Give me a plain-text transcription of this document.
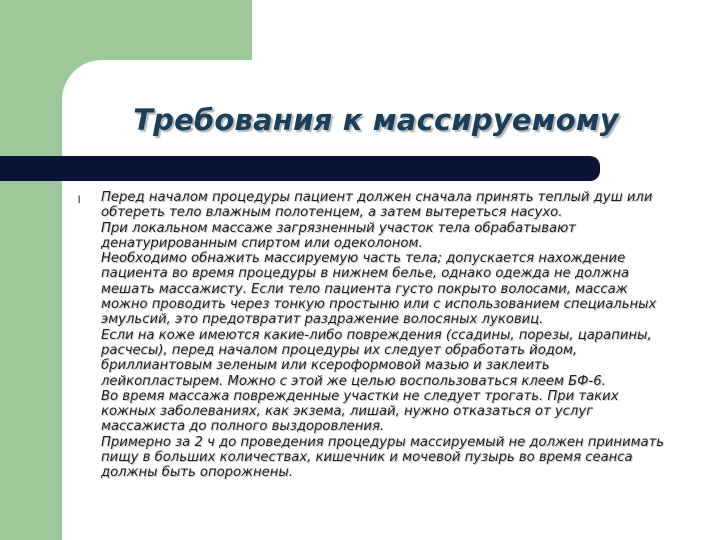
Требования к массируемому
l Перед началом процедуры пациент должен сначала принять теплый душ или обтереть тело влажным полотенцем, а затем вытереться насухо.

При локальном массаже загрязненный участок тела обрабатывают денатурированным спиртом или одеколоном.

Необходимо обнажить массируемую часть тела; допускается нахождение пациента во время процедуры в нижнем белье, однако одежда не должна мешать массажисту. Если тело пациента густо покрыто волосами, массаж можно проводить через тонкую простыню или с использованием специальных эмульсий, это предотвратит раздражение волосяных луковиц.

Если на коже имеются какие-либо повреждения (ссадины, порезы, царапины, расчесы), перед началом процедуры их следует обработать йодом, бриллиантовым зеленым или ксероформовой мазью и заклеить лейкопластырем. Можно с этой же целью воспользоваться клеем БФ-6.

Во время массажа поврежденные участки не следует трогать. При таких кожных заболеваниях, как экзема, лишай, нужно отказаться от услуг массажиста до полного выздоровления.

Примерно за 2 ч до проведения процедуры массируемый не должен принимать пищу в больших количествах, кишечник и мочевой пузырь во время сеанса должны быть опорожнены.
